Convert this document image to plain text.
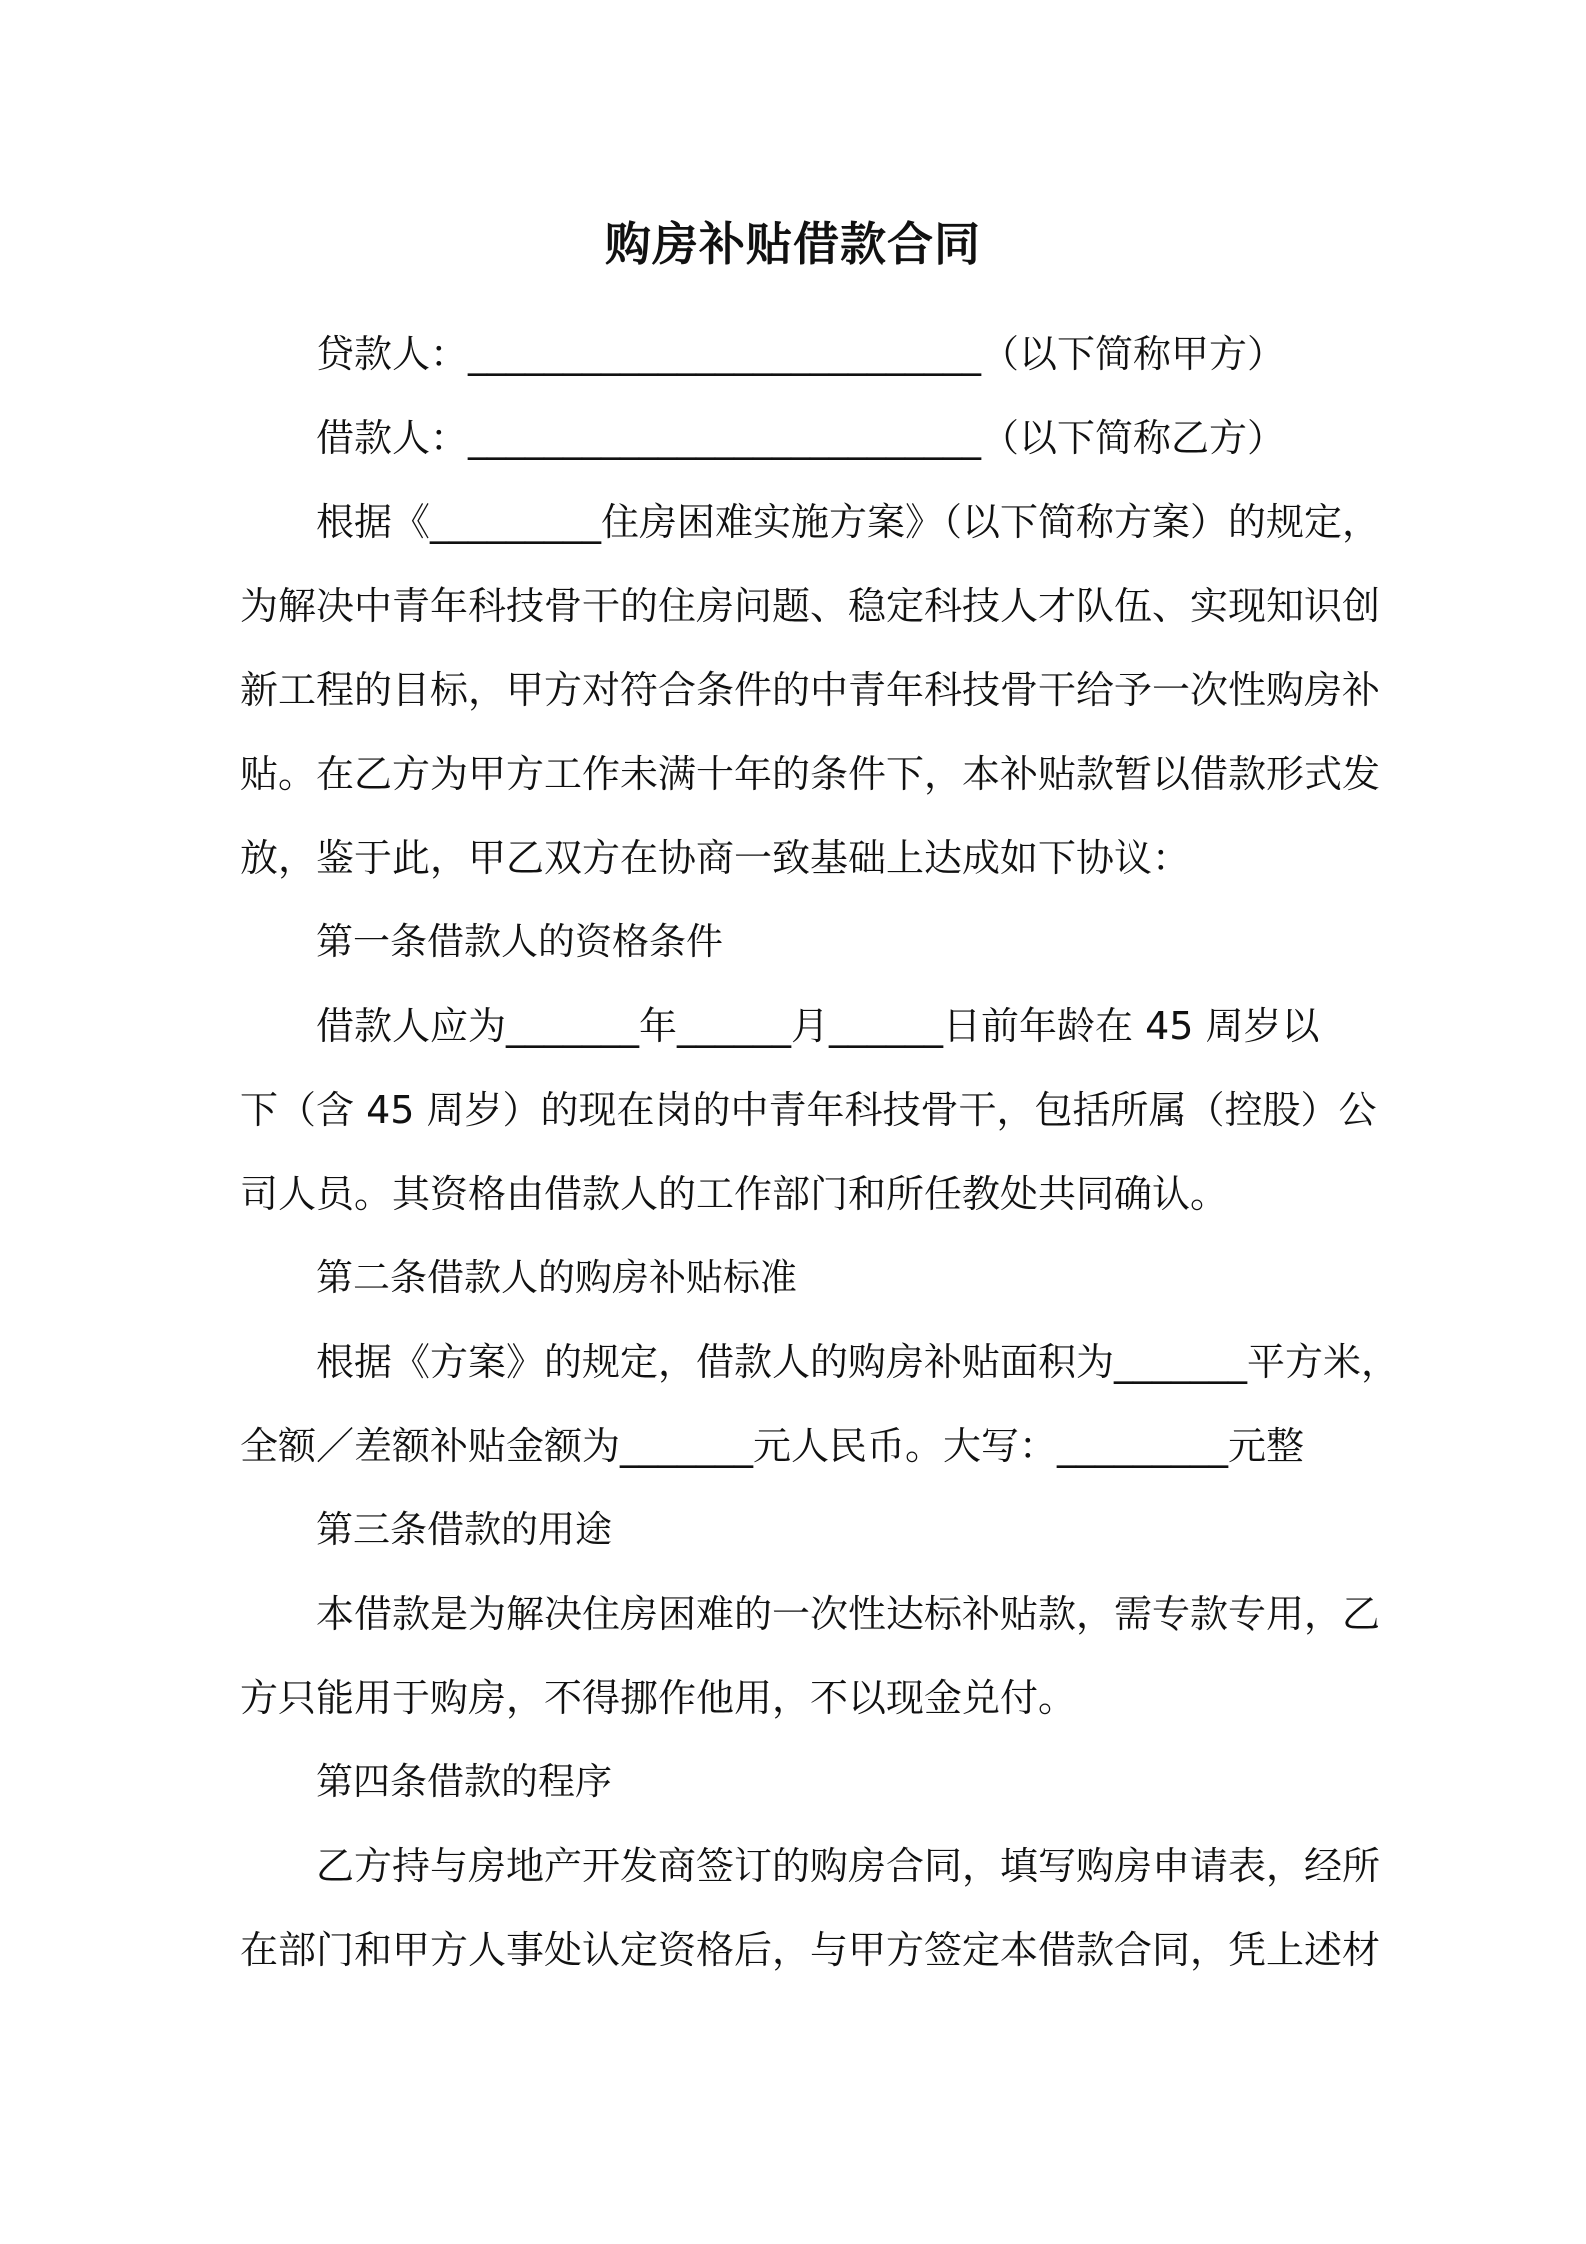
购房补贴借款合同
贷款人：___________________________（以下简称甲方）
借款人：___________________________（以下简称乙方）
根据《_________住房困难实施方案》（以下简称方案）的规定，
为解决中青年科技骨干的住房问题、稳定科技人才队伍、实现知识创
新工程的目标，甲方对符合条件的中青年科技骨干给予一次性购房补
贴。在乙方为甲方工作未满十年的条件下，本补贴款暂以借款形式发
放，鉴于此，甲乙双方在协商一致基础上达成如下协议：
第一条借款人的资格条件
借款人应为_______年______月______日前年龄在 45 周岁以
下（含 45 周岁）的现在岗的中青年科技骨干，包括所属（控股）公
司人员。其资格由借款人的工作部门和所任教处共同确认。
第二条借款人的购房补贴标准
根据《方案》的规定，借款人的购房补贴面积为_______平方米，
全额／差额补贴金额为_______元人民币。大写：_________元整
第三条借款的用途
本借款是为解决住房困难的一次性达标补贴款，需专款专用，乙
方只能用于购房，不得挪作他用，不以现金兑付。
第四条借款的程序
乙方持与房地产开发商签订的购房合同，填写购房申请表，经所
在部门和甲方人事处认定资格后，与甲方签定本借款合同，凭上述材
